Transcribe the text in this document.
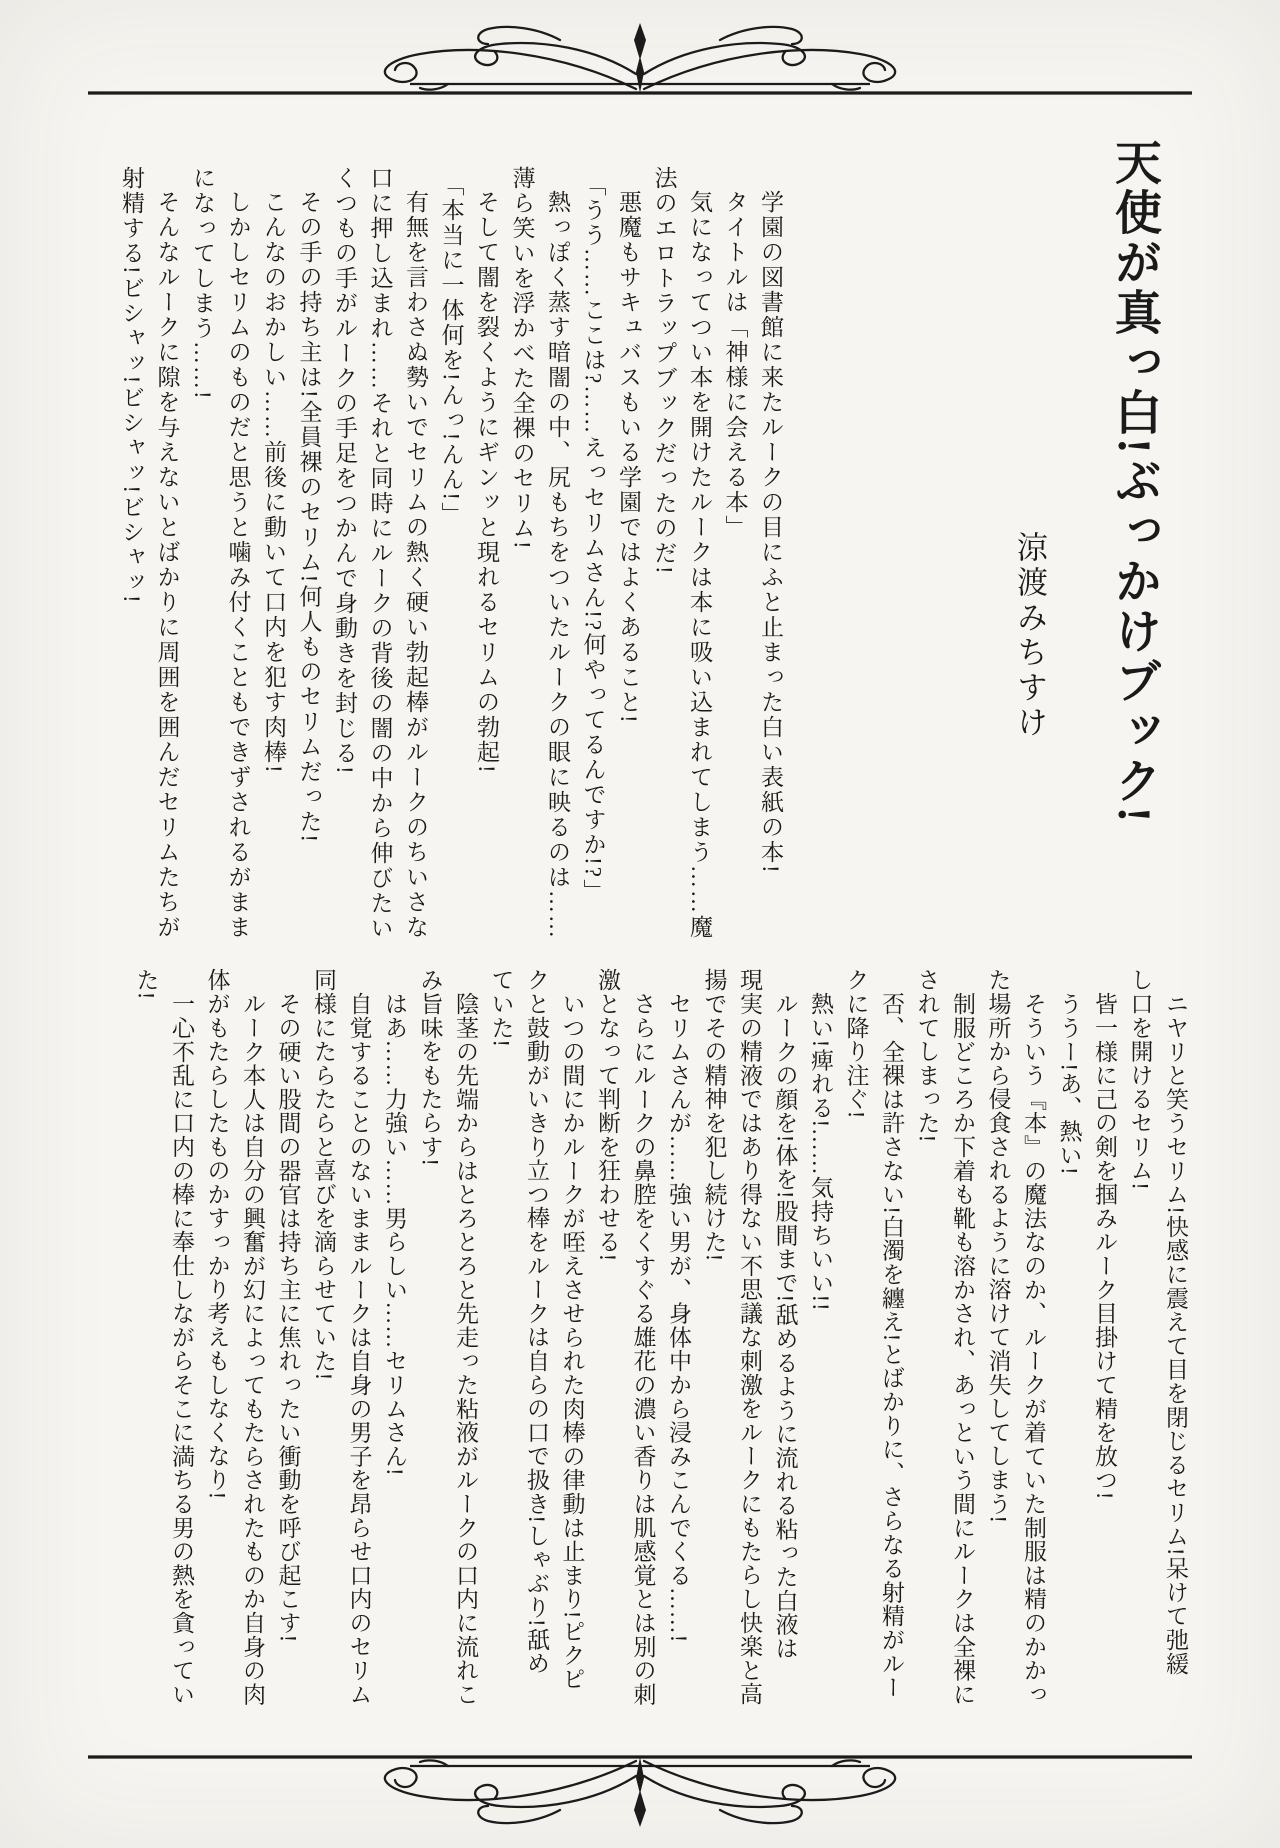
天使が真っ白!ぶっかけブック!
涼渡みちすけ
学園の図書館に来たルークの目にふと止まった白い表紙の本!
タイトルは「神様に会える本」
気になってつい本を開けたルークは本に吸い込まれてしまう……魔
法のエロトラップブックだったのだ!
悪魔もサキュバスもいる学園ではよくあること!
「うう……ここは?……えっセリムさん!?何やってるんですか!?」
熱っぽく蒸す暗闇の中、尻もちをついたルークの眼に映るのは……
薄ら笑いを浮かべた全裸のセリム!
そして闇を裂くようにギンッと現れるセリムの勃起!
「本当に一体何を!んっ!んん!」
有無を言わさぬ勢いでセリムの熱く硬い勃起棒がルークのちいさな
口に押し込まれ……それと同時にルークの背後の闇の中から伸びたい
くつもの手がルークの手足をつかんで身動きを封じる!
その手の持ち主は!全員裸のセリム!何人ものセリムだった!
こんなのおかしい……前後に動いて口内を犯す肉棒!
しかしセリムのものだと思うと噛み付くこともできずされるがまま
になってしまう……!
そんなルークに隙を与えないとばかりに周囲を囲んだセリムたちが
射精する!ビシャッ!ビシャッ!ビシャッ!
ニヤリと笑うセリム!快感に震えて目を閉じるセリム!呆けて弛緩
し口を開けるセリム!
皆一様に己の剣を掴みルーク目掛けて精を放つ!
ううー!あ、熱い!
そういう『本』の魔法なのか、ルークが着ていた制服は精のかかっ
た場所から侵食されるように溶けて消失してしまう!
制服どころか下着も靴も溶かされ、あっという間にルークは全裸に
されてしまった!
否、全裸は許さない!白濁を纏え!とばかりに、さらなる射精がルー
クに降り注ぐ!
熱い!痺れる!……気持ちいい!!
ルークの顔を!体を!股間まで!舐めるように流れる粘った白液は
現実の精液ではあり得ない不思議な刺激をルークにもたらし快楽と高
揚でその精神を犯し続けた!
セリムさんが……強い男が、身体中から浸みこんでくる……!
さらにルークの鼻腔をくすぐる雄花の濃い香りは肌感覚とは別の刺
激となって判断を狂わせる!
いつの間にかルークが咥えさせられた肉棒の律動は止まり!ピクピ
クと鼓動がいきり立つ棒をルークは自らの口で扱き!しゃぶり!舐め
ていた!
陰茎の先端からはとろとろと先走った粘液がルークの口内に流れこ
み旨味をもたらす!
はあ……力強い……男らしい……セリムさん!
自覚することのないままルークは自身の男子を昂らせ口内のセリム
同様にたらたらと喜びを滴らせていた!
その硬い股間の器官は持ち主に焦れったい衝動を呼び起こす!
ルーク本人は自分の興奮が幻によってもたらされたものか自身の肉
体がもたらしたものかすっかり考えもしなくなり!
一心不乱に口内の棒に奉仕しながらそこに満ちる男の熱を貪ってい
た!
